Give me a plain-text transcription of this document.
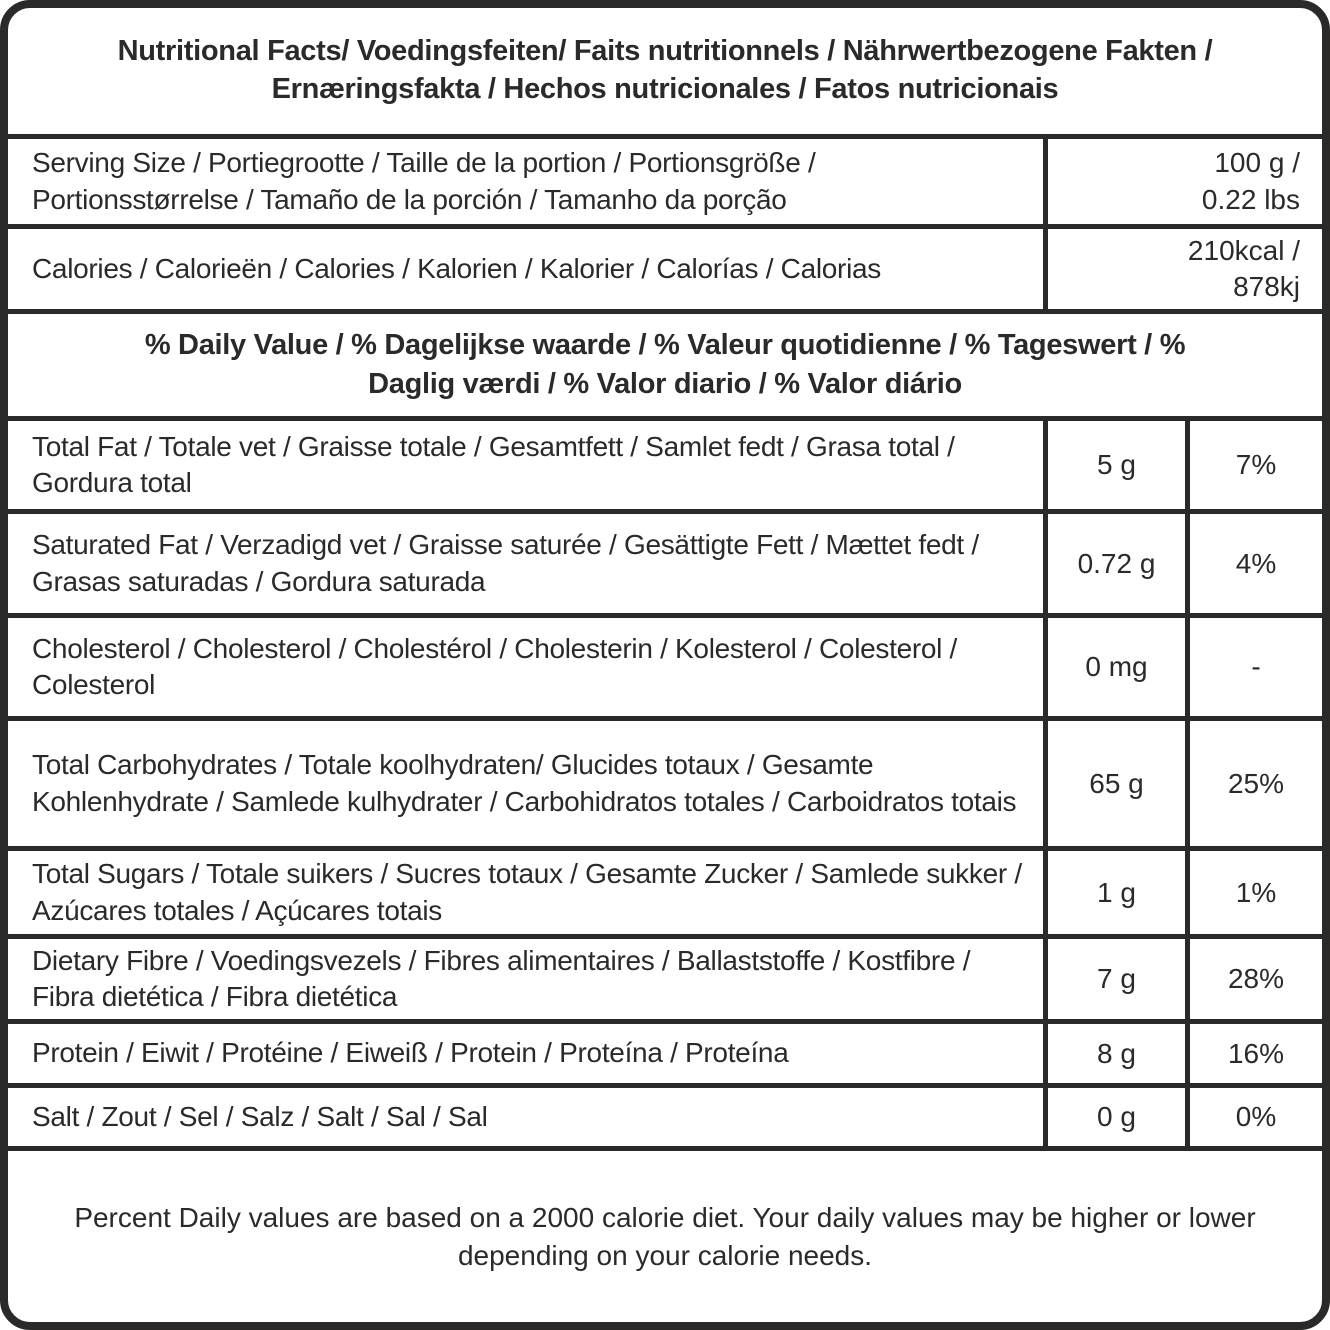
Nutritional Facts/ Voedingsfeiten/ Faits nutritionnels / Nährwertbezogene Fakten / Ernæringsfakta / Hechos nutricionales / Fatos nutricionais
Serving Size / Portiegrootte / Taille de la portion / Portionsgröße / Portionsstørrelse / Tamaño de la porción / Tamanho da porção
100 g / 0.22 lbs
Calories / Calorieën / Calories / Kalorien / Kalorier / Calorías / Calorias
210kcal / 878kj
% Daily Value / % Dagelijkse waarde / % Valeur quotidienne / % Tageswert / % Daglig værdi / % Valor diario / % Valor diário
Total Fat / Totale vet / Graisse totale / Gesamtfett / Samlet fedt / Grasa total / Gordura total
5 g	7%
Saturated Fat / Verzadigd vet / Graisse saturée / Gesättigte Fett / Mættet fedt / Grasas saturadas / Gordura saturada
0.72 g	4%
Cholesterol / Cholesterol / Cholestérol / Cholesterin / Kolesterol / Colesterol / Colesterol
0 mg	-
Total Carbohydrates / Totale koolhydraten/ Glucides totaux / Gesamte Kohlenhydrate / Samlede kulhydrater / Carbohidratos totales / Carboidratos totais
65 g	25%
Total Sugars / Totale suikers / Sucres totaux / Gesamte Zucker / Samlede sukker / Azúcares totales / Açúcares totais
1 g	1%
Dietary Fibre / Voedingsvezels / Fibres alimentaires / Ballaststoffe / Kostfibre / Fibra dietética / Fibra dietética
7 g	28%
Protein / Eiwit / Protéine / Eiweiß / Protein / Proteína / Proteína	8 g	16%
Salt / Zout / Sel / Salz / Salt / Sal / Sal	0 g	0%
Percent Daily values are based on a 2000 calorie diet. Your daily values may be higher or lower depending on your calorie needs.
